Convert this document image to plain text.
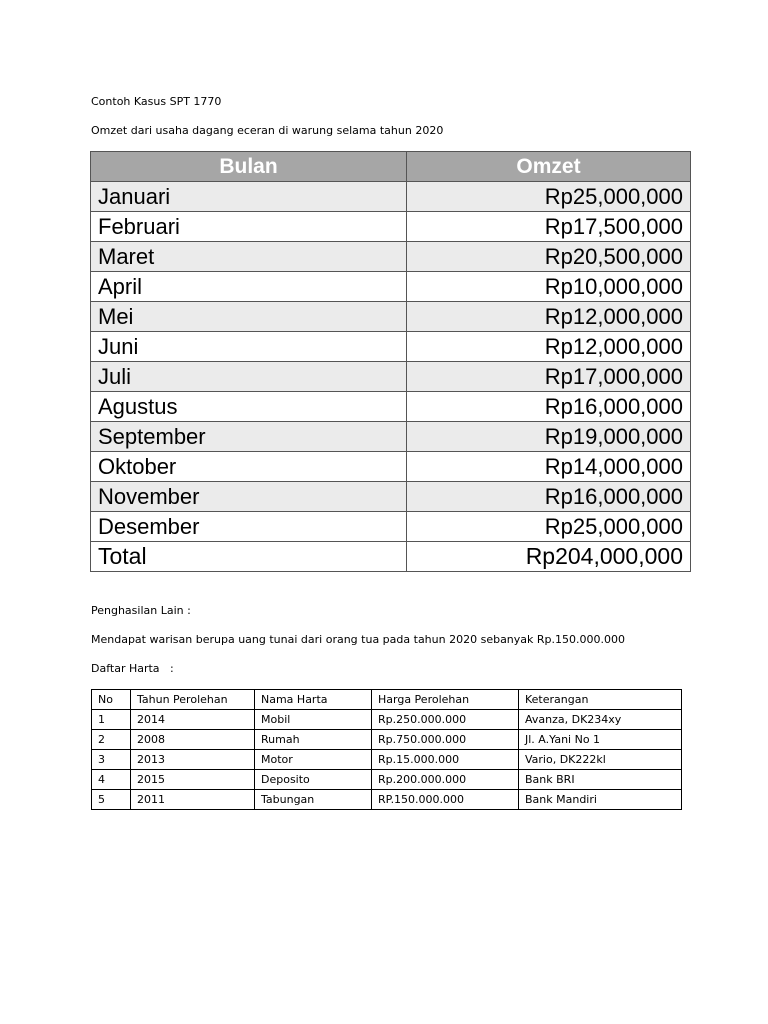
Contoh Kasus SPT 1770
Omzet dari usaha dagang eceran di warung selama tahun 2020
Bulan	Omzet
Januari	Rp25,000,000
Februari	Rp17,500,000
Maret	Rp20,500,000
April	Rp10,000,000
Mei	Rp12,000,000
Juni	Rp12,000,000
Juli	Rp17,000,000
Agustus	Rp16,000,000
September	Rp19,000,000
Oktober	Rp14,000,000
November	Rp16,000,000
Desember	Rp25,000,000
Total	Rp204,000,000
Penghasilan Lain :
Mendapat warisan berupa uang tunai dari orang tua pada tahun 2020 sebanyak Rp.150.000.000
Daftar Harta   :
No	Tahun Perolehan	Nama Harta	Harga Perolehan	Keterangan
1	2014	Mobil	Rp.250.000.000	Avanza, DK234xy
2	2008	Rumah	Rp.750.000.000	Jl. A.Yani No 1
3	2013	Motor	Rp.15.000.000	Vario, DK222kl
4	2015	Deposito	Rp.200.000.000	Bank BRI
5	2011	Tabungan	RP.150.000.000	Bank Mandiri
